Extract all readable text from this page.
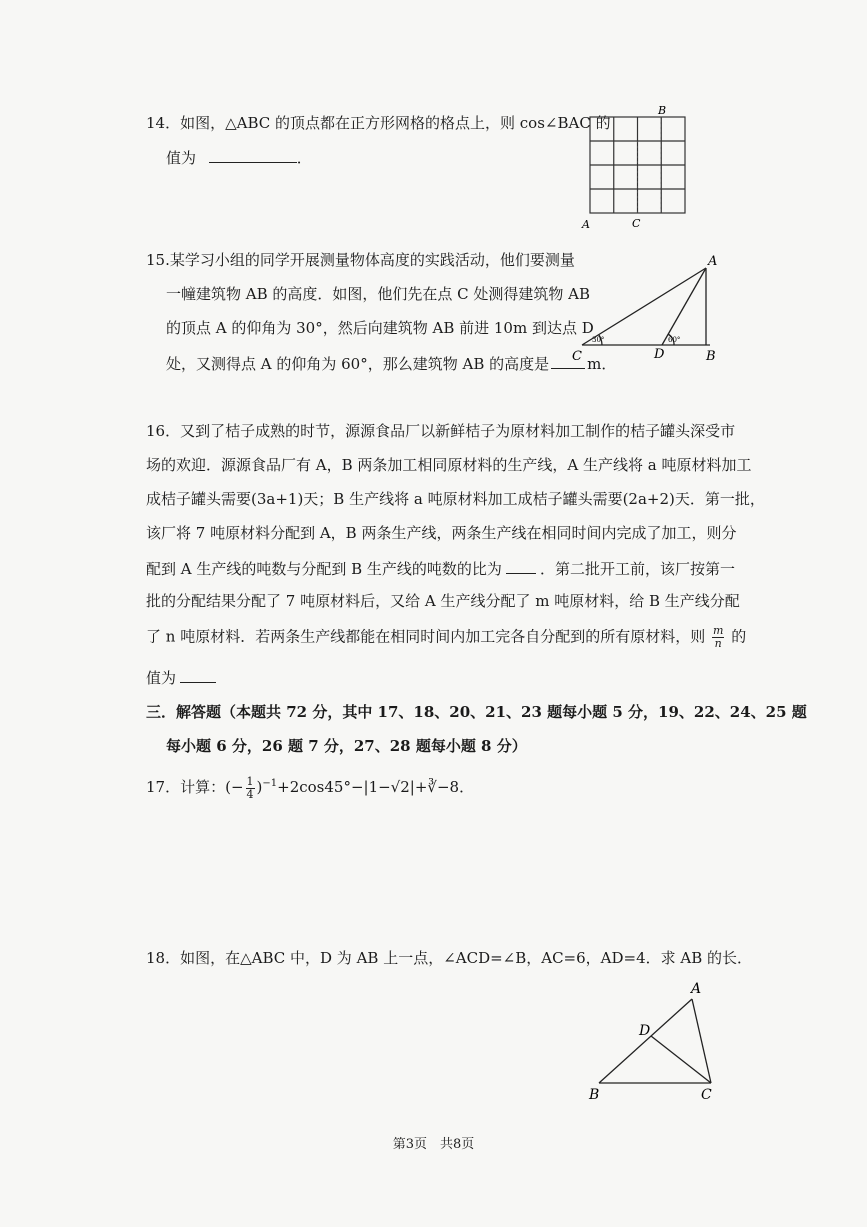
14．如图，△ABC 的顶点都在正方形网格的格点上，则 cos∠BAC 的
值为	．
A	C
B
15.某学习小组的同学开展测量物体高度的实践活动，他们要测量
一幢建筑物 AB 的高度．如图，他们先在点 C 处测得建筑物 AB
的顶点 A 的仰角为 30°，然后向建筑物 AB 前进 10m 到达点 D
处，又测得点 A 的仰角为 60°，那么建筑物 AB 的高度是	m．
A
C	D	B
30°	60°
16．又到了桔子成熟的时节，源源食品厂以新鲜桔子为原材料加工制作的桔子罐头深受市
场的欢迎．源源食品厂有 A，B 两条加工相同原材料的生产线，A 生产线将 a 吨原材料加工
成桔子罐头需要(3a+1)天；B 生产线将 a 吨原材料加工成桔子罐头需要(2a+2)天．第一批，
该厂将 7 吨原材料分配到 A，B 两条生产线，两条生产线在相同时间内完成了加工，则分
配到 A 生产线的吨数与分配到 B 生产线的吨数的比为	．第二批开工前，该厂按第一
批的分配结果分配了 7 吨原材料后，又给 A 生产线分配了 m 吨原材料，给 B 生产线分配
了 n 吨原材料．若两条生产线都能在相同时间内加工完各自分配到的所有原材料，则 $\frac{m}{n}$ 的
值为
三．解答题（本题共 72 分，其中 17、18、20、21、23 题每小题 5 分，19、22、24、25 题
每小题 6 分，26 题 7 分，27、28 题每小题 8 分）
17．计算：(− $\frac{1}{4}$ )$^{-1}$+2cos45°−|1−√2|+∛−8．
18．如图，在△ABC 中，D 为 AB 上一点，∠ACD=∠B，AC=6，AD=4．求 AB 的长．
A
D
B	C
第3页　共8页
